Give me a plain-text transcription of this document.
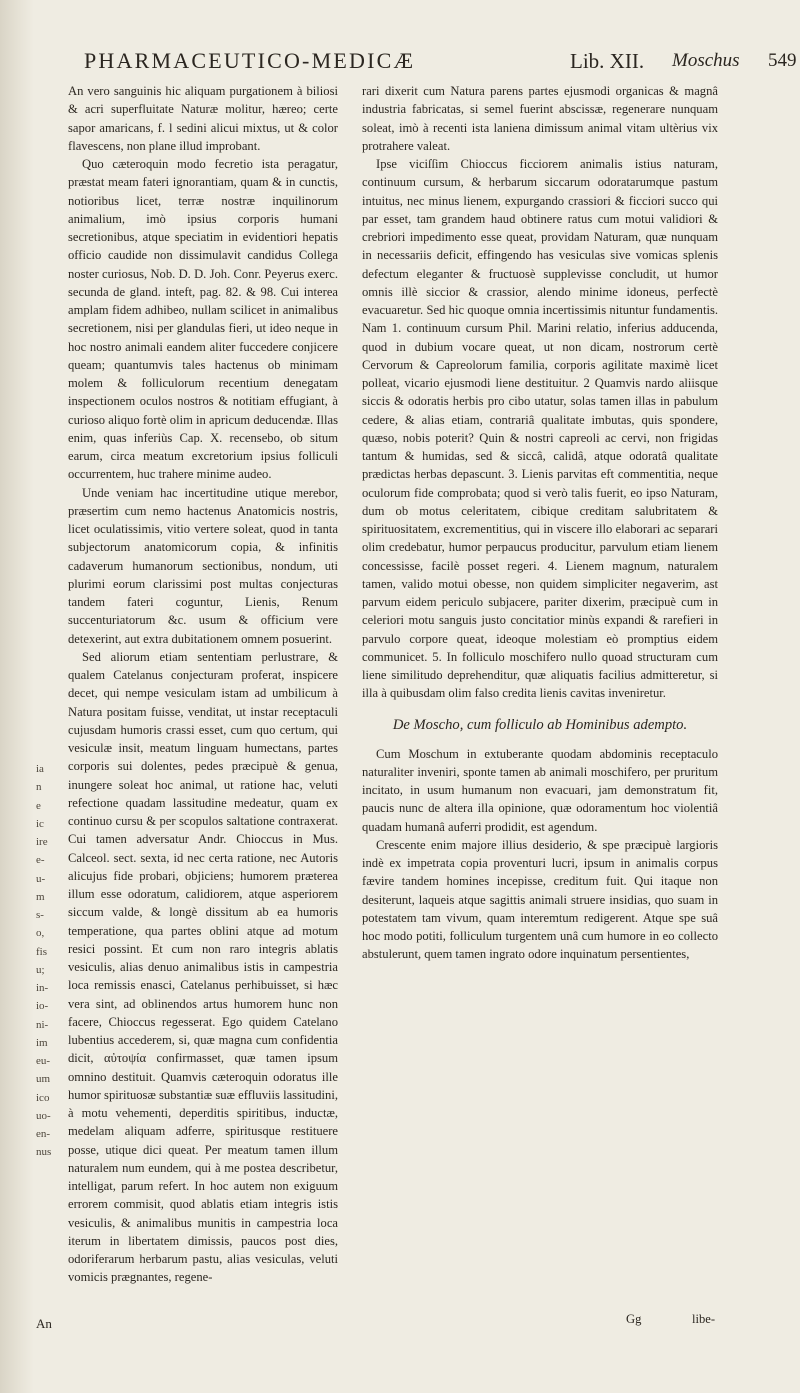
PHARMACEUTICO-MEDICÆ	Lib. XII. Moschus 549
ia
n
e
ic
ire
e-
u-
m
s-
o,
fis
u;
in-
io-
ni-
im
eu-
um
ico
uo-
en-
nus

An vero sanguinis hic aliquam purgationem à biliosi & acri superfluitate Naturæ molitur, hæreo; certe sapor amaricans, f. l sedini alicui mixtus, ut & color flavescens, non plane illud improbant.

Quo cæteroquin modo fecretio ista peragatur, præstat meam fateri ignorantiam, quam & in cunctis, notioribus licet, terræ nostræ inquilinorum animalium, imò ipsius corporis humani secretionibus, atque speciatim in evidentiori hepatis officio caudide non dissimulavit candidus Collega noster curiosus, Nob. D. D. Joh. Conr. Peyerus exerc. secunda de gland. inteft, pag. 82. & 98. Cui interea amplam fidem adhibeo, nullam scilicet in animalibus secretionem, nisi per glandulas fieri, ut ideo neque in hoc nostro animali eandem aliter fuccedere conjicere queam; quantumvis tales hactenus ob minimam molem & folliculorum recentium denegatam inspectionem oculos nostros & notitiam effugiant, à curioso aliquo fortè olim in apricum deducendæ. Illas enim, quas inferiùs Cap. X. recensebo, ob situm earum, circa meatum excretorium ipsius folliculi occurrentem, huc trahere minime audeo.

Unde veniam hac incertitudine utique merebor, præsertim cum nemo hactenus Anatomicis nostris, licet oculatissimis, vitio vertere soleat, quod in tanta subjectorum anatomicorum copia, & infinitis cadaverum humanorum sectionibus, nondum, uti plurimi eorum clarissimi post multas conjecturas tandem fateri coguntur, Lienis, Renum succenturiatorum &c. usum & officium vere detexerint, aut extra dubitationem omnem posuerint.

Sed aliorum etiam sententiam perlustrare, & qualem Catelanus conjecturam proferat, inspicere decet, qui nempe vesiculam istam ad umbilicum à Natura positam fuisse, venditat, ut instar receptaculi cujusdam humoris crassi esset, cum quo certum, qui vesiculæ insit, meatum linguam humectans, partes corporis sui dolentes, pedes præcipuè & genua, inungere soleat hoc animal, ut ratione hac, veluti refectione quadam lassitudine medeatur, quam ex continuo cursu & per scopulos saltatione contraxerat. Cui tamen adversatur Andr. Chioccus in Mus. Calceol. sect. sexta, id nec certa ratione, nec Autoris alicujus fide probari, objiciens; humorem præterea illum esse odoratum, calidiorem, atque asperiorem siccum valde, & longè dissitum ab ea humoris temperatione, qua partes oblini atque ad motum resici possint. Et cum non raro integris ablatis vesiculis, alias denuo animalibus istis in campestria loca remissis enasci, Catelanus perhibuisset, si hæc vera sint, ad oblinendos artus humorem hunc non facere, Chioccus regesserat. Ego quidem Catelano lubentius accederem, si, quæ magna cum confidentia dicit, αὐτοψία confirmasset, quæ tamen ipsum omnino destituit. Quamvis cæteroquin odoratus ille humor spirituosæ substantiæ suæ effluviis lassitudini, à motu vehementi, deperditis spiritibus, inductæ, medelam aliquam adferre, spiritusque restituere posse, utique dici queat. Per meatum tamen illum naturalem num eundem, qui à me postea describetur, intelligat, parum refert. In hoc autem non exiguum errorem commisit, quod ablatis etiam integris istis vesiculis, & animalibus munitis in campestria loca iterum in libertatem dimissis, paucos post dies, odoriferarum herbarum pastu, alias vesiculas, veluti vomicis prægnantes, regene-

rari dixerit cum Natura parens partes ejusmodi organicas & magnâ industria fabricatas, si semel fuerint abscissæ, regenerare nunquam soleat, imò à recenti ista laniena dimissum animal vitam ultèrius vix protrahere valeat.

Ipse viciſſim Chioccus ficciorem animalis istius naturam, continuum cursum, & herbarum siccarum odoratarumque pastum intuitus, nec minus lienem, expurgando crassiori & ficciori succo qui par esset, tam grandem haud obtinere ratus cum motui validiori & crebriori impedimento esse queat, providam Naturam, quæ nunquam in necessariis deficit, effingendo has vesiculas sive vomicas splenis defectum eleganter & fructuosè supplevisse concludit, ut humor omnis illè siccior & crassior, alendo minime idoneus, perfectè evacuaretur. Sed hic quoque omnia incertissimis nituntur fundamentis. Nam 1. continuum cursum Phil. Marini relatio, inferius adducenda, quod in dubium vocare queat, ut non dicam, nostrorum certè Cervorum & Capreolorum familia, corporis agilitate maximè licet polleat, vicario ejusmodi liene destituitur. 2 Quamvis nardo aliisque siccis & odoratis herbis pro cibo utatur, solas tamen illas in pabulum cedere, & alias etiam, contrariâ qualitate imbutas, quis spondere, quæso, nobis poterit? Quin & nostri capreoli ac cervi, non frigidas tantum & humidas, sed & siccâ, calidâ, atque odoratâ qualitate prædictas herbas depascunt. 3. Lienis parvitas eft commentitia, neque oculorum fide comprobata; quod si verò talis fuerit, eo ipso Naturam, dum ob motus celeritatem, cibique creditam salubritatem & spirituositatem, excrementitius, qui in viscere illo elaborari ac separari olim credebatur, humor perpaucus producitur, parvulum etiam lienem concessisse, facilè posset regeri. 4. Lienem magnum, naturalem tamen, valido motui obesse, non quidem simpliciter negaverim, ast parvum eidem periculo subjacere, pariter dixerim, præcipuè cum in celeriori motu sanguis justo concitatior minùs expandi & rarefieri in parvulo corpore queat, ideoque molestiam eò promptius eidem communicet. 5. In folliculo moschifero nullo quoad structuram cum liene similitudo deprehenditur, quæ aliquatis facilius admitteretur, si illa à quibusdam olim falso credita lienis cavitas inveniretur.

De Moscho, cum folliculo ab Hominibus adempto.

Cum Moschum in extuberante quodam abdominis receptaculo naturaliter inveniri, sponte tamen ab animali moschifero, per pruritum incitato, in usum humanum non evacuari, jam demonstratum fit, paucis nunc de altera illa opinione, quæ odoramentum hoc violentiâ quadam humanâ auferri prodidit, est agendum.

Crescente enim majore illius desiderio, & spe præcipuè largioris indè ex impetrata copia proventuri lucri, ipsum in animalis corpus fævire tandem homines incepisse, creditum fuit. Qui itaque non desiterunt, laqueis atque sagittis animali struere insidias, quo suam in potestatem tam vivum, quam interemtum redigerent. Atque spe suâ hoc modo potiti, folliculum turgentem unâ cum humore in eo collecto abstulerunt, quem tamen ingrato odore inquinatum persentientes,

Gg	libe-
An
